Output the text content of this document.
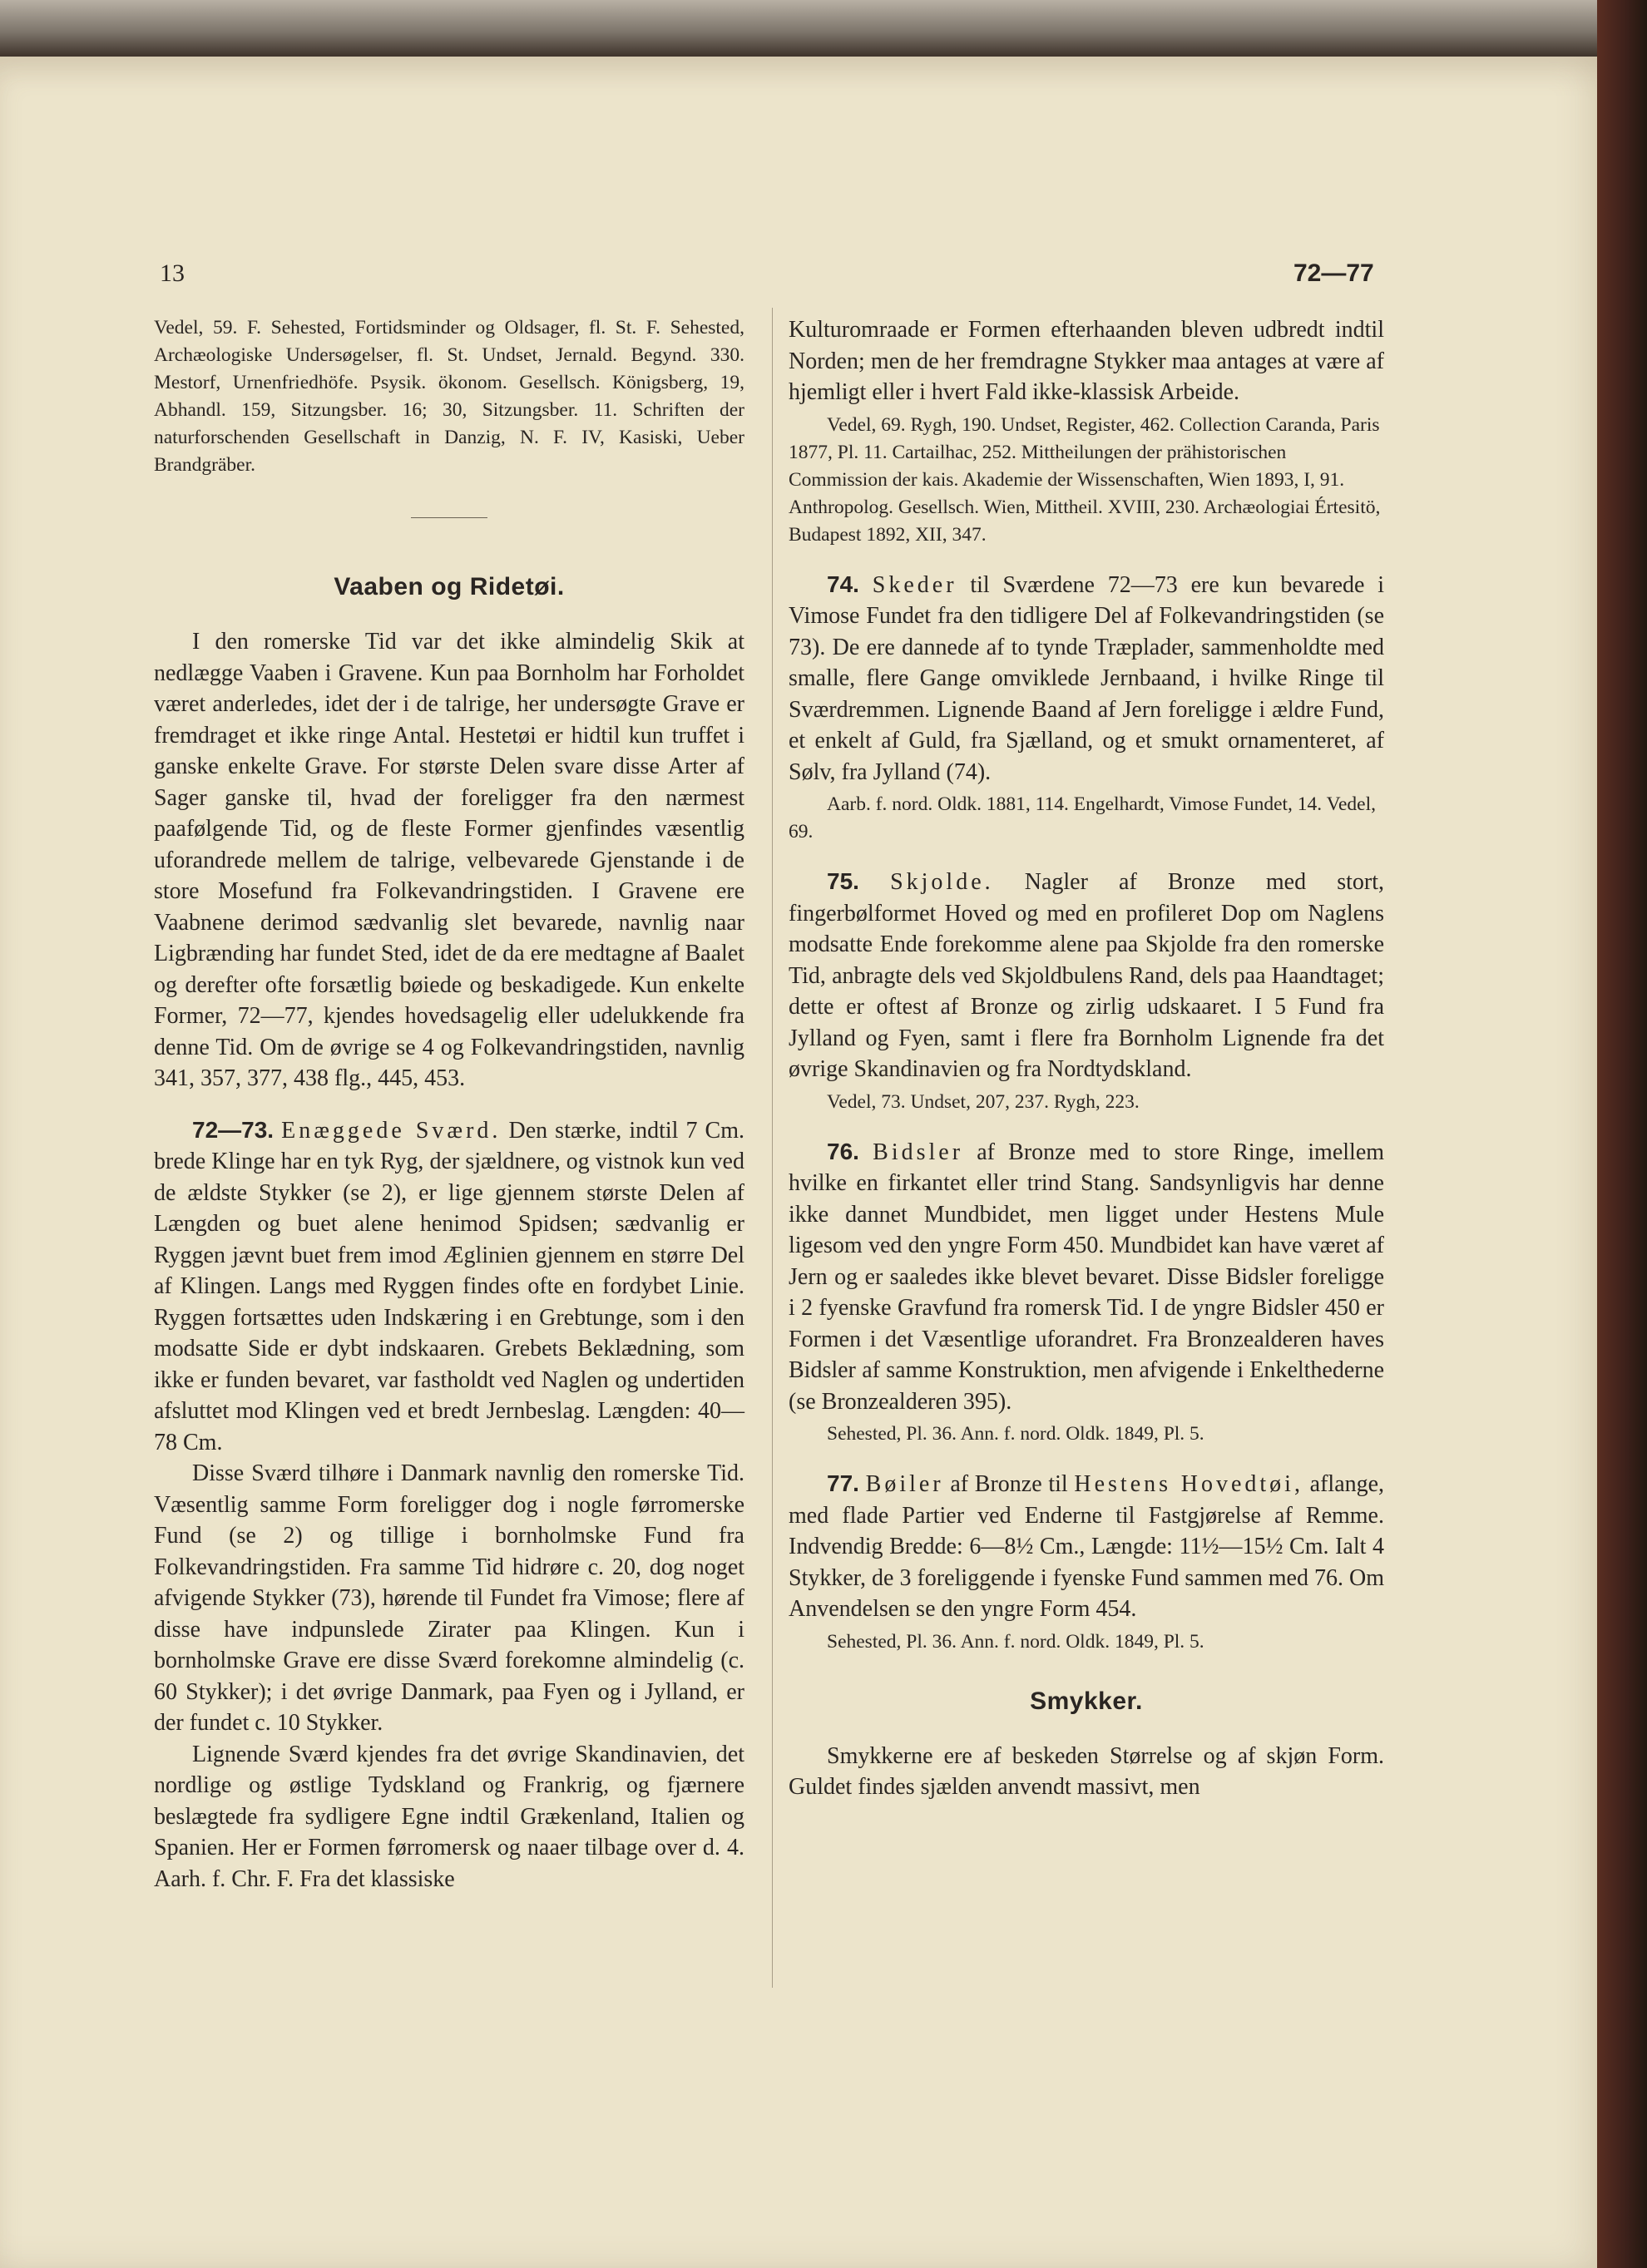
13	72—77

Vedel, 59. F. Sehested, Fortidsminder og Oldsager, fl. St. F. Sehested, Archæologiske Undersøgelser, fl. St. Undset, Jernald. Begynd. 330. Mestorf, Urnenfriedhöfe. Psysik. ökonom. Gesellsch. Königsberg, 19, Abhandl. 159, Sitzungsber. 16; 30, Sitzungsber. 11. Schriften der naturforschenden Gesellschaft in Danzig, N. F. IV, Kasiski, Ueber Brandgräber.

Vaaben og Ridetøi.

I den romerske Tid var det ikke almindelig Skik at nedlægge Vaaben i Gravene. Kun paa Bornholm har Forholdet været anderledes, idet der i de talrige, her undersøgte Grave er fremdraget et ikke ringe Antal. Hestetøi er hidtil kun truffet i ganske enkelte Grave. For største Delen svare disse Arter af Sager ganske til, hvad der foreligger fra den nærmest paafølgende Tid, og de fleste Former gjenfindes væsentlig uforandrede mellem de talrige, velbevarede Gjenstande i de store Mosefund fra Folkevandringstiden. I Gravene ere Vaabnene derimod sædvanlig slet bevarede, navnlig naar Ligbrænding har fundet Sted, idet de da ere medtagne af Baalet og derefter ofte forsætlig bøiede og beskadigede. Kun enkelte Former, 72—77, kjendes hovedsagelig eller udelukkende fra denne Tid. Om de øvrige se 4 og Folkevandringstiden, navnlig 341, 357, 377, 438 flg., 445, 453.

72—73. Enæggede Sværd. Den stærke, indtil 7 Cm. brede Klinge har en tyk Ryg, der sjældnere, og vistnok kun ved de ældste Stykker (se 2), er lige gjennem største Delen af Længden og buet alene henimod Spidsen; sædvanlig er Ryggen jævnt buet frem imod Æglinien gjennem en større Del af Klingen. Langs med Ryggen findes ofte en fordybet Linie. Ryggen fortsættes uden Indskæring i en Grebtunge, som i den modsatte Side er dybt indskaaren. Grebets Beklædning, som ikke er funden bevaret, var fastholdt ved Naglen og undertiden afsluttet mod Klingen ved et bredt Jernbeslag. Længden: 40—78 Cm.

Disse Sværd tilhøre i Danmark navnlig den romerske Tid. Væsentlig samme Form foreligger dog i nogle førromerske Fund (se 2) og tillige i bornholmske Fund fra Folkevandringstiden. Fra samme Tid hidrøre c. 20, dog noget afvigende Stykker (73), hørende til Fundet fra Vimose; flere af disse have indpunslede Zirater paa Klingen. Kun i bornholmske Grave ere disse Sværd forekomne almindelig (c. 60 Stykker); i det øvrige Danmark, paa Fyen og i Jylland, er der fundet c. 10 Stykker.

Lignende Sværd kjendes fra det øvrige Skandinavien, det nordlige og østlige Tydskland og Frankrig, og fjærnere beslægtede fra sydligere Egne indtil Grækenland, Italien og Spanien. Her er Formen førromersk og naaer tilbage over d. 4. Aarh. f. Chr. F. Fra det klassiske

Kulturomraade er Formen efterhaanden bleven udbredt indtil Norden; men de her fremdragne Stykker maa antages at være af hjemligt eller i hvert Fald ikke-klassisk Arbeide.

Vedel, 69. Rygh, 190. Undset, Register, 462. Collection Caranda, Paris 1877, Pl. 11. Cartailhac, 252. Mittheilungen der prähistorischen Commission der kais. Akademie der Wissenschaften, Wien 1893, I, 91. Anthropolog. Gesellsch. Wien, Mittheil. XVIII, 230. Archæologiai Értesitö, Budapest 1892, XII, 347.

74. Skeder til Sværdene 72—73 ere kun bevarede i Vimose Fundet fra den tidligere Del af Folkevandringstiden (se 73). De ere dannede af to tynde Træplader, sammenholdte med smalle, flere Gange omviklede Jernbaand, i hvilke Ringe til Sværdremmen. Lignende Baand af Jern foreligge i ældre Fund, et enkelt af Guld, fra Sjælland, og et smukt ornamenteret, af Sølv, fra Jylland (74).

Aarb. f. nord. Oldk. 1881, 114. Engelhardt, Vimose Fundet, 14. Vedel, 69.

75. Skjolde. Nagler af Bronze med stort, fingerbølformet Hoved og med en profileret Dop om Naglens modsatte Ende forekomme alene paa Skjolde fra den romerske Tid, anbragte dels ved Skjoldbulens Rand, dels paa Haandtaget; dette er oftest af Bronze og zirlig udskaaret. I 5 Fund fra Jylland og Fyen, samt i flere fra Bornholm Lignende fra det øvrige Skandinavien og fra Nordtydskland.

Vedel, 73. Undset, 207, 237. Rygh, 223.

76. Bidsler af Bronze med to store Ringe, imellem hvilke en firkantet eller trind Stang. Sandsynligvis har denne ikke dannet Mundbidet, men ligget under Hestens Mule ligesom ved den yngre Form 450. Mundbidet kan have været af Jern og er saaledes ikke blevet bevaret. Disse Bidsler foreligge i 2 fyenske Gravfund fra romersk Tid. I de yngre Bidsler 450 er Formen i det Væsentlige uforandret. Fra Bronzealderen haves Bidsler af samme Konstruktion, men afvigende i Enkelthederne (se Bronzealderen 395).

Sehested, Pl. 36. Ann. f. nord. Oldk. 1849, Pl. 5.

77. Bøiler af Bronze til Hestens Hovedtøi, aflange, med flade Partier ved Enderne til Fastgjørelse af Remme. Indvendig Bredde: 6—8½ Cm., Længde: 11½—15½ Cm. Ialt 4 Stykker, de 3 foreliggende i fyenske Fund sammen med 76. Om Anvendelsen se den yngre Form 454.

Sehested, Pl. 36. Ann. f. nord. Oldk. 1849, Pl. 5.

Smykker.

Smykkerne ere af beskeden Størrelse og af skjøn Form. Guldet findes sjælden anvendt massivt, men
